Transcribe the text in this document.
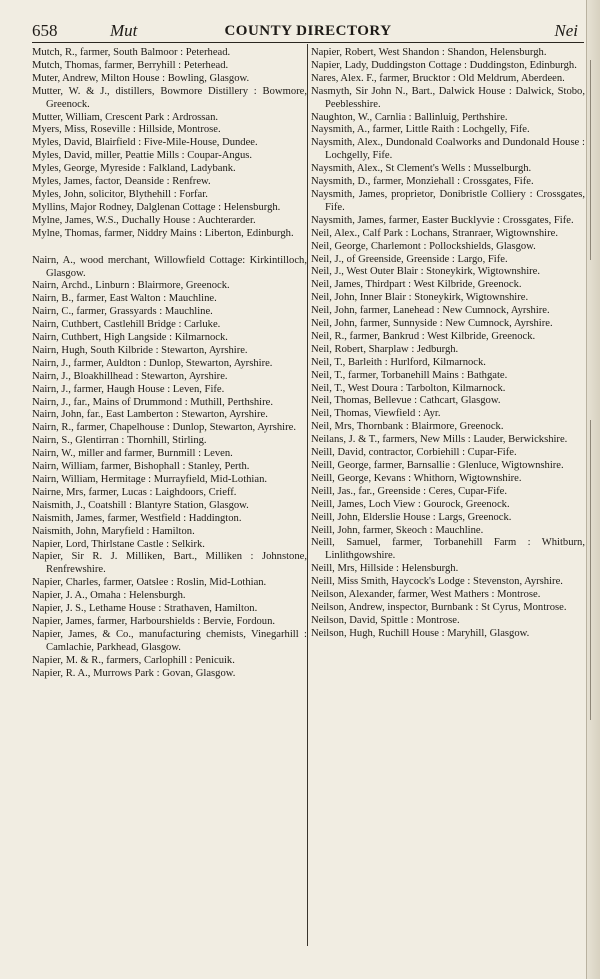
658	Mut	COUNTY DIRECTORY	Nei

Mutch, R., farmer, South Balmoor : Peterhead.

Mutch, Thomas, farmer, Berryhill : Peterhead.

Muter, Andrew, Milton House : Bowling, Glasgow.

Mutter, W. & J., distillers, Bowmore Distillery : Bowmore, Greenock.

Mutter, William, Crescent Park : Ardrossan.

Myers, Miss, Roseville : Hillside, Montrose.

Myles, David, Blairfield : Five-Mile-House, Dundee.

Myles, David, miller, Peattie Mills : Coupar-Angus.

Myles, George, Myreside : Falkland, Ladybank.

Myles, James, factor, Deanside : Renfrew.

Myles, John, solicitor, Blythehill : Forfar.

Myllins, Major Rodney, Dalglenan Cottage : Helensburgh.

Mylne, James, W.S., Duchally House : Auchterarder.

Mylne, Thomas, farmer, Niddry Mains : Liberton, Edinburgh.

Nairn, A., wood merchant, Willowfield Cottage: Kirkintilloch, Glasgow.

Nairn, Archd., Linburn : Blairmore, Greenock.

Nairn, B., farmer, East Walton : Mauchline.

Nairn, C., farmer, Grassyards : Mauchline.

Nairn, Cuthbert, Castlehill Bridge : Carluke.

Nairn, Cuthbert, High Langside : Kilmarnock.

Nairn, Hugh, South Kilbride : Stewarton, Ayrshire.

Nairn, J., farmer, Auldton : Dunlop, Stewarton, Ayrshire.

Nairn, J., Bloakhillhead : Stewarton, Ayrshire.

Nairn, J., farmer, Haugh House : Leven, Fife.

Nairn, J., far., Mains of Drummond : Muthill, Perthshire.

Nairn, John, far., East Lamberton : Stewarton, Ayrshire.

Nairn, R., farmer, Chapelhouse : Dunlop, Stewarton, Ayrshire.

Nairn, S., Glentirran : Thornhill, Stirling.

Nairn, W., miller and farmer, Burnmill : Leven.

Nairn, William, farmer, Bishophall : Stanley, Perth.

Nairn, William, Hermitage : Murrayfield, Mid-Lothian.

Nairne, Mrs, farmer, Lucas : Laighdoors, Crieff.

Naismith, J., Coatshill : Blantyre Station, Glasgow.

Naismith, James, farmer, Westfield : Haddington.

Naismith, John, Maryfield : Hamilton.

Napier, Lord, Thirlstane Castle : Selkirk.

Napier, Sir R. J. Milliken, Bart., Milliken : Johnstone, Renfrewshire.

Napier, Charles, farmer, Oatslee : Roslin, Mid-Lothian.

Napier, J. A., Omaha : Helensburgh.

Napier, J. S., Lethame House : Strathaven, Hamilton.

Napier, James, farmer, Harbourshields : Bervie, Fordoun.

Napier, James, & Co., manufacturing chemists, Vinegarhill : Camlachie, Parkhead, Glasgow.

Napier, M. & R., farmers, Carlophill : Penicuik.

Napier, R. A., Murrows Park : Govan, Glasgow.

Napier, Robert, West Shandon : Shandon, Helensburgh.

Napier, Lady, Duddingston Cottage : Duddingston, Edinburgh.

Nares, Alex. F., farmer, Brucktor : Old Meldrum, Aberdeen.

Nasmyth, Sir John N., Bart., Dalwick House : Dalwick, Stobo, Peeblesshire.

Naughton, W., Carnlia : Ballinluig, Perthshire.

Naysmith, A., farmer, Little Raith : Lochgelly, Fife.

Naysmith, Alex., Dundonald Coalworks and Dundonald House : Lochgelly, Fife.

Naysmith, Alex., St Clement's Wells : Musselburgh.

Naysmith, D., farmer, Monziehall : Crossgates, Fife.

Naysmith, James, proprietor, Donibristle Colliery : Crossgates, Fife.

Naysmith, James, farmer, Easter Bucklyvie : Crossgates, Fife.

Neil, Alex., Calf Park : Lochans, Stranraer, Wigtownshire.

Neil, George, Charlemont : Pollockshields, Glasgow.

Neil, J., of Greenside, Greenside : Largo, Fife.

Neil, J., West Outer Blair : Stoneykirk, Wigtownshire.

Neil, James, Thirdpart : West Kilbride, Greenock.

Neil, John, Inner Blair : Stoneykirk, Wigtownshire.

Neil, John, farmer, Lanehead : New Cumnock, Ayrshire.

Neil, John, farmer, Sunnyside : New Cumnock, Ayrshire.

Neil, R., farmer, Bankrud : West Kilbride, Greenock.

Neil, Robert, Sharplaw : Jedburgh.

Neil, T., Barleith : Hurlford, Kilmarnock.

Neil, T., farmer, Torbanehill Mains : Bathgate.

Neil, T., West Doura : Tarbolton, Kilmarnock.

Neil, Thomas, Bellevue : Cathcart, Glasgow.

Neil, Thomas, Viewfield : Ayr.

Neil, Mrs, Thornbank : Blairmore, Greenock.

Neilans, J. & T., farmers, New Mills : Lauder, Berwickshire.

Neill, David, contractor, Corbiehill : Cupar-Fife.

Neill, George, farmer, Barnsallie : Glenluce, Wigtownshire.

Neill, George, Kevans : Whithorn, Wigtownshire.

Neill, Jas., far., Greenside : Ceres, Cupar-Fife.

Neill, James, Loch View : Gourock, Greenock.

Neill, John, Elderslie House : Largs, Greenock.

Neill, John, farmer, Skeoch : Mauchline.

Neill, Samuel, farmer, Torbanehill Farm : Whitburn, Linlithgowshire.

Neill, Mrs, Hillside : Helensburgh.

Neill, Miss Smith, Haycock's Lodge : Stevenston, Ayrshire.

Neilson, Alexander, farmer, West Mathers : Montrose.

Neilson, Andrew, inspector, Burnbank : St Cyrus, Montrose.

Neilson, David, Spittle : Montrose.

Neilson, Hugh, Ruchill House : Maryhill, Glasgow.
